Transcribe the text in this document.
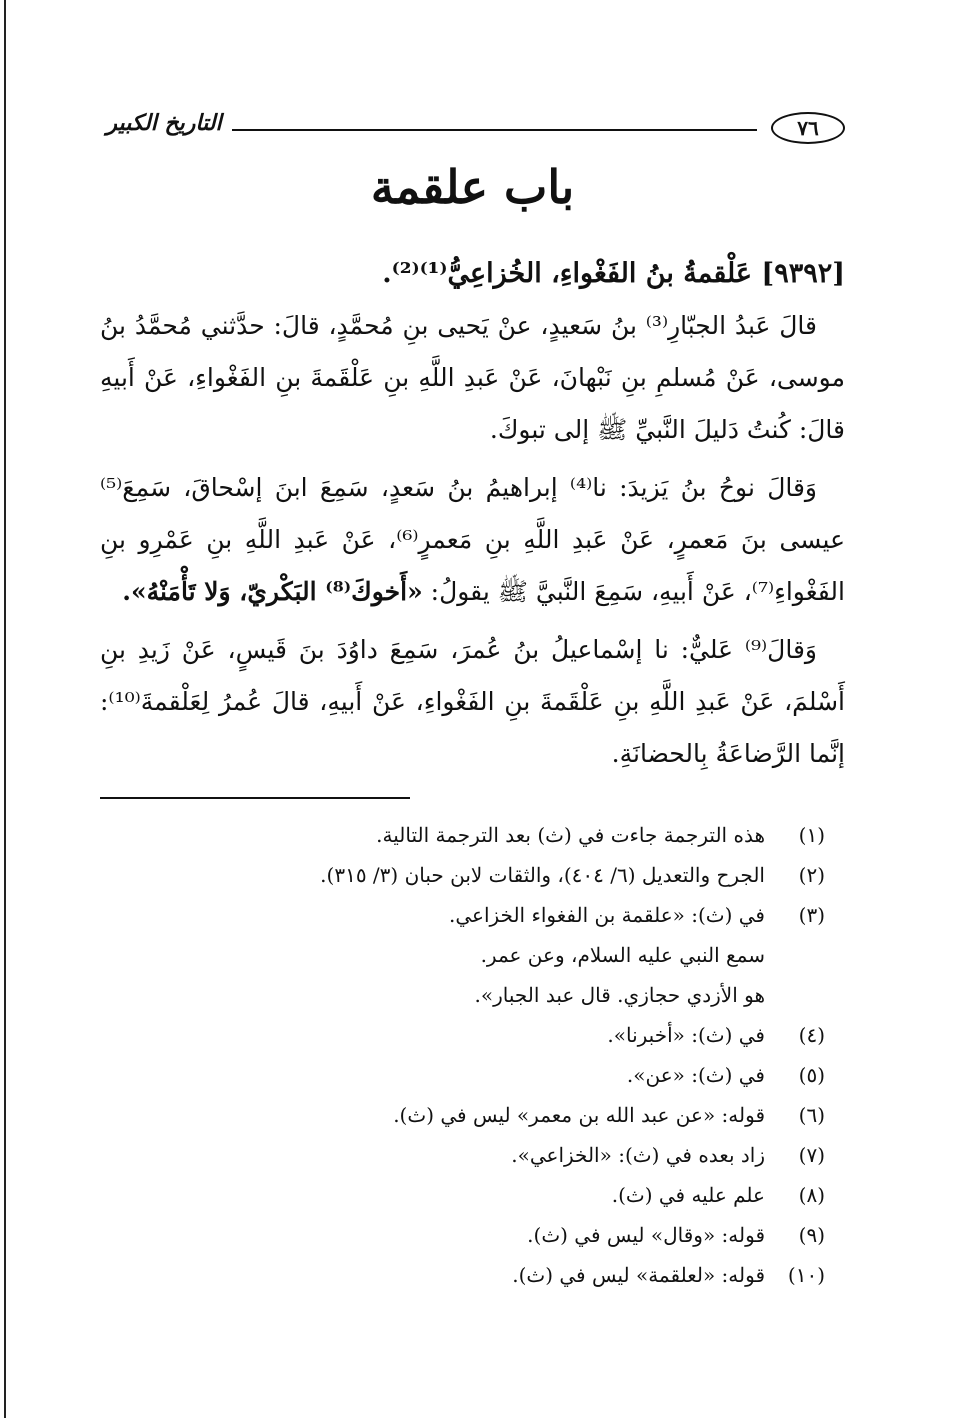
٧٦
التاريخ الكبير
باب علقمة

[٩٣٩٢] عَلْقمةُ بنُ الفَغْواءِ، الخُزاعِيُّ⁽¹⁾⁽²⁾.

قالَ عَبدُ الجبّارِ⁽³⁾ بنُ سَعيدٍ، عنْ يَحيى بنِ مُحمَّدٍ، قالَ: حدَّثني مُحمَّدُ بنُ موسى، عَنْ مُسلمِ بنِ نَبْهانَ، عَنْ عَبدِ اللَّهِ بنِ عَلْقَمةَ بنِ الفَغْواءِ، عَنْ أَبيهِ قالَ: كُنتُ دَليلَ النَّبيِّ ﷺ إلى تبوكَ.

وَقالَ نوحُ بنُ يَزيدَ: نا⁽⁴⁾ إبراهيمُ بنُ سَعدٍ، سَمِعَ ابنَ إسْحاقَ، سَمِعَ⁽⁵⁾ عيسى بنَ مَعمرٍ، عَنْ عَبدِ اللَّهِ بنِ مَعمرٍ⁽⁶⁾، عَنْ عَبدِ اللَّهِ بنِ عَمْرِو بنِ الفَغْواءِ⁽⁷⁾، عَنْ أَبيهِ، سَمِعَ النَّبيَّ ﷺ يقولُ: «أَخوكَ⁽⁸⁾ البَكْريّ، وَلا تَأْمَنْهُ».

وَقالَ⁽⁹⁾ عَليٌّ: نا إسْماعيلُ بنُ عُمرَ، سَمِعَ داوُدَ بنَ قَيسٍ، عَنْ زَيدِ بنِ أَسْلمَ، عَنْ عَبدِ اللَّهِ بنِ عَلْقَمةَ بنِ الفَغْواءِ، عَنْ أَبيهِ، قالَ عُمرُ لِعَلْقمةَ⁽¹⁰⁾: إنَّما الرَّضاعَةُ بِالحضانَةِ.

(١)
هذه الترجمة جاءت في (ث) بعد الترجمة التالية.
(٢)
الجرح والتعديل (٦/ ٤٠٤)، والثقات لابن حبان (٣/ ٣١٥).
(٣)
في (ث): «علقمة بن الفغواء الخزاعي.
سمع النبي عليه السلام، وعن عمر.
هو الأزدي حجازي. قال عبد الجبار».
(٤)
في (ث): «أخبرنا».
(٥)
في (ث): «عن».
(٦)
قوله: «عن عبد الله بن معمر» ليس في (ث).
(٧)
زاد بعده في (ث): «الخزاعي».
(٨)
علم عليه في (ث).
(٩)
قوله: «وقال» ليس في (ث).
(١٠)
قوله: «لعلقمة» ليس في (ث).
